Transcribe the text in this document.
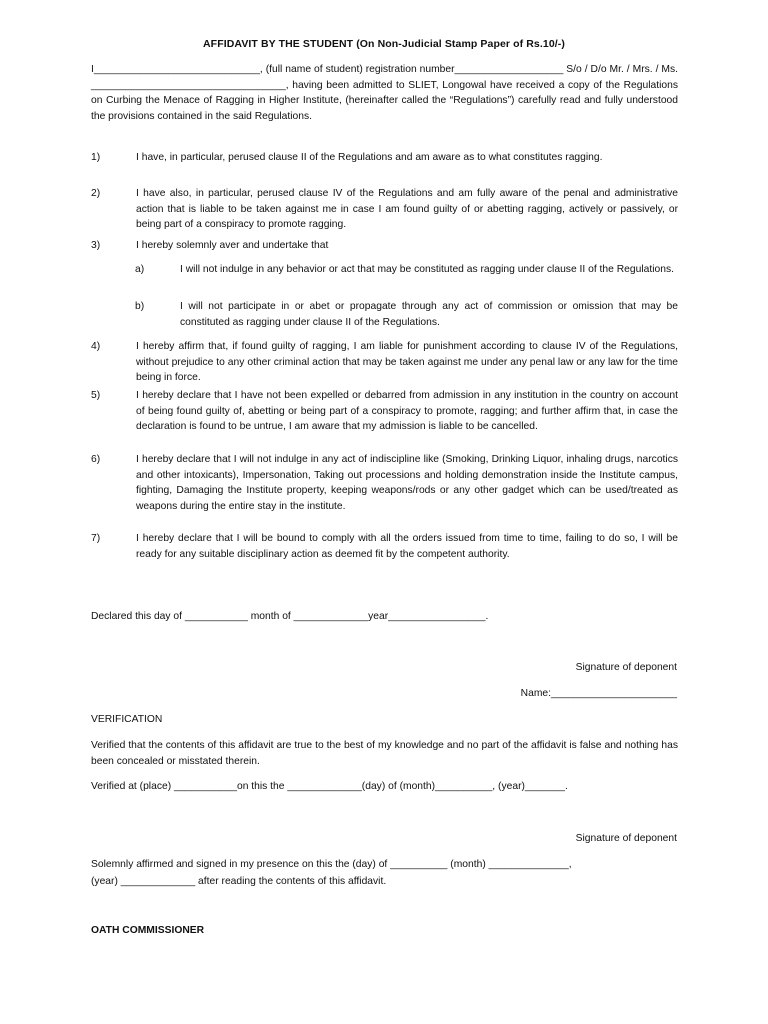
AFFIDAVIT BY THE STUDENT (On Non-Judicial Stamp Paper of Rs.10/-)
I_____________________________, (full name of student) registration number___________________ S/o / D/o Mr. / Mrs. / Ms. __________________________________, having been admitted to SLIET, Longowal have received a copy of the Regulations on Curbing the Menace of Ragging in Higher Institute, (hereinafter called the “Regulations”) carefully read and fully understood the provisions contained in the said Regulations.
1)	I have, in particular, perused clause II of the Regulations and am aware as to what constitutes ragging.
2)	I have also, in particular, perused clause IV of the Regulations and am fully aware of the penal and administrative action that is liable to be taken against me in case I am found guilty of or abetting ragging, actively or passively, or being part of a conspiracy to promote ragging.
3)	I hereby solemnly aver and undertake that
a)	I will not indulge in any behavior or act that may be constituted as ragging under clause II of the Regulations.
b)	I will not participate in or abet or propagate through any act of commission or omission that may be constituted as ragging under clause II of the Regulations.
4)	I hereby affirm that, if found guilty of ragging, I am liable for punishment according to clause IV of the Regulations, without prejudice to any other criminal action that may be taken against me under any penal law or any law for the time being in force.
5)	I hereby declare that I have not been expelled or debarred from admission in any institution in the country on account of being found guilty of, abetting or being part of a conspiracy to promote, ragging; and further affirm that, in case the declaration is found to be untrue, I am aware that my admission is liable to be cancelled.
6)	I hereby declare that I will not indulge in any act of indiscipline like (Smoking, Drinking Liquor, inhaling drugs, narcotics and other intoxicants), Impersonation, Taking out processions and holding demonstration inside the Institute campus, fighting, Damaging the Institute property, keeping weapons/rods or any other gadget which can be used/treated as weapons during the entire stay in the institute.
7)	I hereby declare that I will be bound to comply with all the orders issued from time to time, failing to do so, I will be ready for any suitable disciplinary action as deemed fit by the competent authority.
Declared this day of ___________ month of _____________year_________________.
Signature of deponent
Name:______________________
VERIFICATION
Verified that the contents of this affidavit are true to the best of my knowledge and no part of the affidavit is false and nothing has been concealed or misstated therein.
Verified at (place) ___________on this the _____________(day) of (month)__________, (year)_______.
Signature of deponent
Solemnly affirmed and signed in my presence on this the (day) of __________ (month) ______________,
(year) _____________ after reading the contents of this affidavit.
OATH COMMISSIONER
